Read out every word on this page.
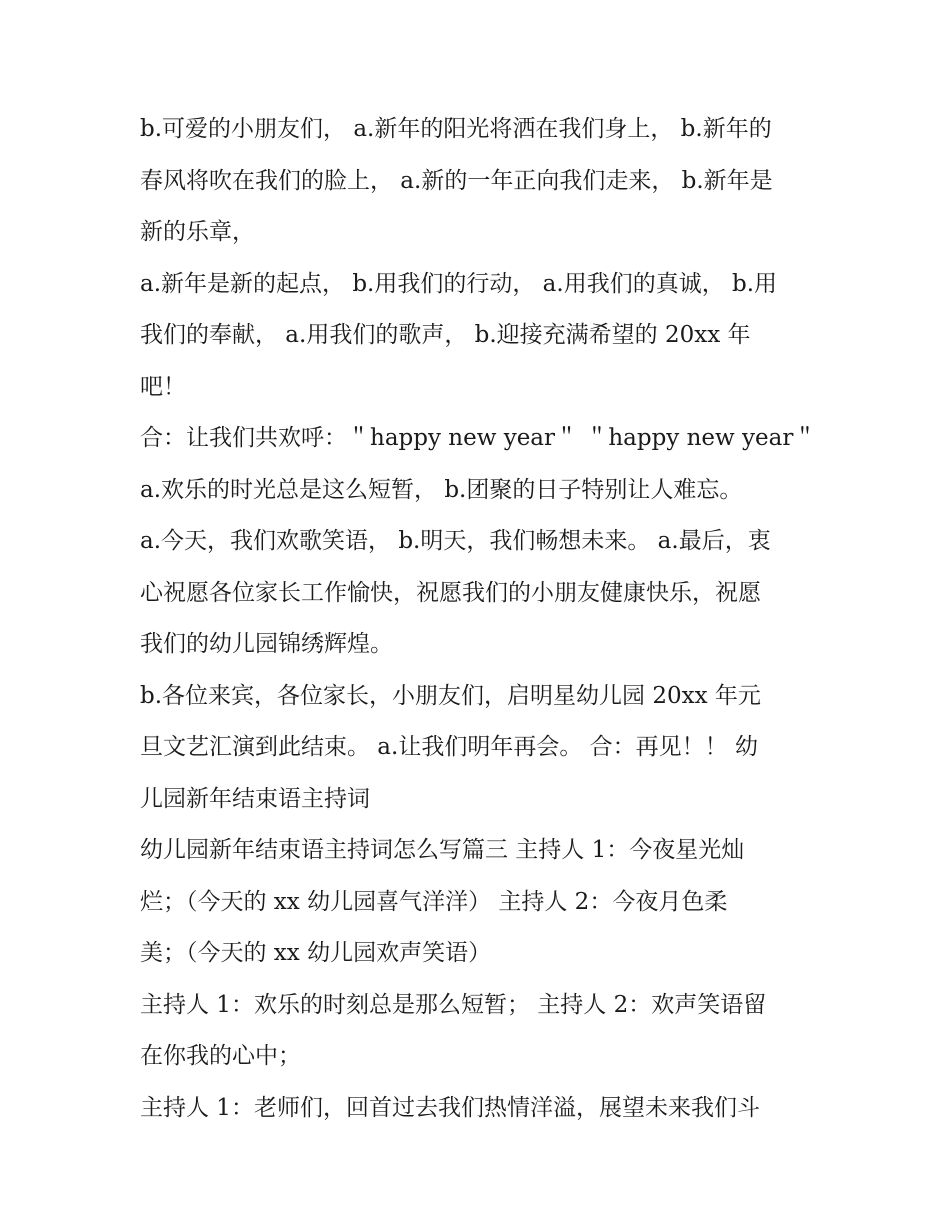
b.可爱的小朋友们， a.新年的阳光将洒在我们身上， b.新年的
春风将吹在我们的脸上， a.新的一年正向我们走来， b.新年是
新的乐章，
a.新年是新的起点， b.用我们的行动， a.用我们的真诚， b.用
我们的奉献， a.用我们的歌声， b.迎接充满希望的 20xx 年
吧！
合：让我们共欢呼：＂happy new year＂ ＂happy new year＂
a.欢乐的时光总是这么短暂， b.团聚的日子特别让人难忘。
a.今天，我们欢歌笑语， b.明天，我们畅想未来。 a.最后，衷
心祝愿各位家长工作愉快，祝愿我们的小朋友健康快乐，祝愿
我们的幼儿园锦绣辉煌。
b.各位来宾，各位家长，小朋友们，启明星幼儿园 20xx 年元
旦文艺汇演到此结束。 a.让我们明年再会。 合：再见！！ 幼
儿园新年结束语主持词
幼儿园新年结束语主持词怎么写篇三 主持人 1：今夜星光灿
烂；（今天的 xx 幼儿园喜气洋洋） 主持人 2：今夜月色柔
美；（今天的 xx 幼儿园欢声笑语）
主持人 1：欢乐的时刻总是那么短暂； 主持人 2：欢声笑语留
在你我的心中；
主持人 1：老师们，回首过去我们热情洋溢，展望未来我们斗
